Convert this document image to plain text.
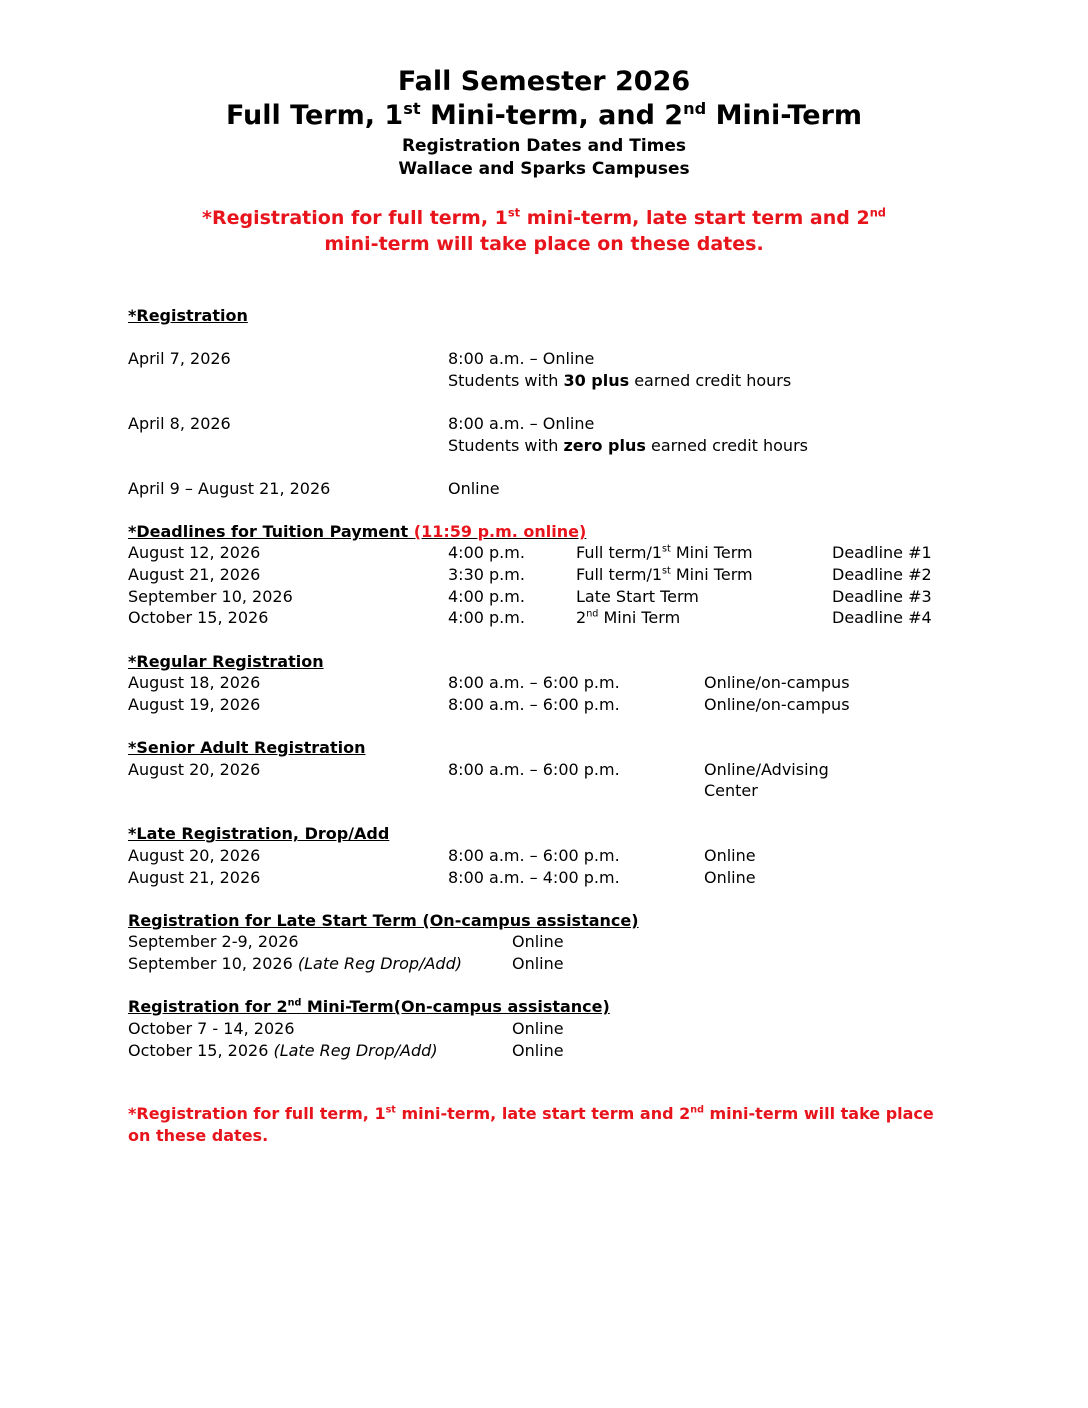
Fall Semester 2026
Full Term, 1st Mini-term, and 2nd Mini-Term
Registration Dates and Times
Wallace and Sparks Campuses
*Registration for full term, 1st mini-term, late start term and 2nd
mini-term will take place on these dates.
*Registration
April 7, 2026	8:00 a.m. – Online
Students with 30 plus earned credit hours
April 8, 2026	8:00 a.m. – Online
Students with zero plus earned credit hours
April 9 – August 21, 2026	Online
*Deadlines for Tuition Payment (11:59 p.m. online)
August 12, 2026	4:00 p.m.	Full term/1st Mini Term	Deadline #1
August 21, 2026	3:30 p.m.	Full term/1st Mini Term	Deadline #2
September 10, 2026	4:00 p.m.	Late Start Term	Deadline #3
October 15, 2026	4:00 p.m.	2nd Mini Term	Deadline #4
*Regular Registration
August 18, 2026	8:00 a.m. – 6:00 p.m.	Online/on-campus
August 19, 2026	8:00 a.m. – 6:00 p.m.	Online/on-campus
*Senior Adult Registration
August 20, 2026	8:00 a.m. – 6:00 p.m.	Online/Advising
Center
*Late Registration, Drop/Add
August 20, 2026	8:00 a.m. – 6:00 p.m.	Online
August 21, 2026	8:00 a.m. – 4:00 p.m.	Online
Registration for Late Start Term (On-campus assistance)
September 2-9, 2026	Online
September 10, 2026 (Late Reg Drop/Add)	Online
Registration for 2nd Mini-Term(On-campus assistance)
October 7 - 14, 2026	Online
October 15, 2026 (Late Reg Drop/Add)	Online
*Registration for full term, 1st mini-term, late start term and 2nd mini-term will take place on these dates.
